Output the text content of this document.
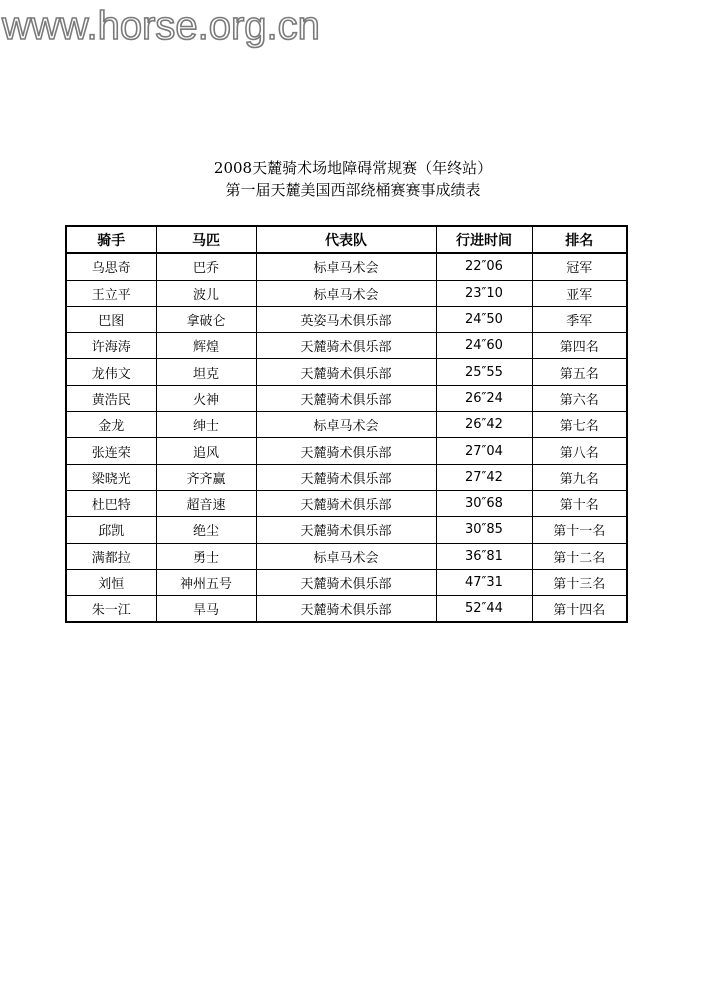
www.horse.org.cn
2008天麓骑术场地障碍常规赛（年终站）
第一届天麓美国西部绕桶赛赛事成绩表
骑手	马匹	代表队	行进时间	排名
乌思奇	巴乔	标卓马术会	22″06	冠军
王立平	波儿	标卓马术会	23″10	亚军
巴图	拿破仑	英姿马术俱乐部	24″50	季军
许海涛	辉煌	天麓骑术俱乐部	24″60	第四名
龙伟文	坦克	天麓骑术俱乐部	25″55	第五名
黄浩民	火神	天麓骑术俱乐部	26″24	第六名
金龙	绅士	标卓马术会	26″42	第七名
张连荣	追风	天麓骑术俱乐部	27″04	第八名
梁晓光	齐齐赢	天麓骑术俱乐部	27″42	第九名
杜巴特	超音速	天麓骑术俱乐部	30″68	第十名
邱凯	绝尘	天麓骑术俱乐部	30″85	第十一名
满都拉	勇士	标卓马术会	36″81	第十二名
刘恒	神州五号	天麓骑术俱乐部	47″31	第十三名
朱一江	旱马	天麓骑术俱乐部	52″44	第十四名
